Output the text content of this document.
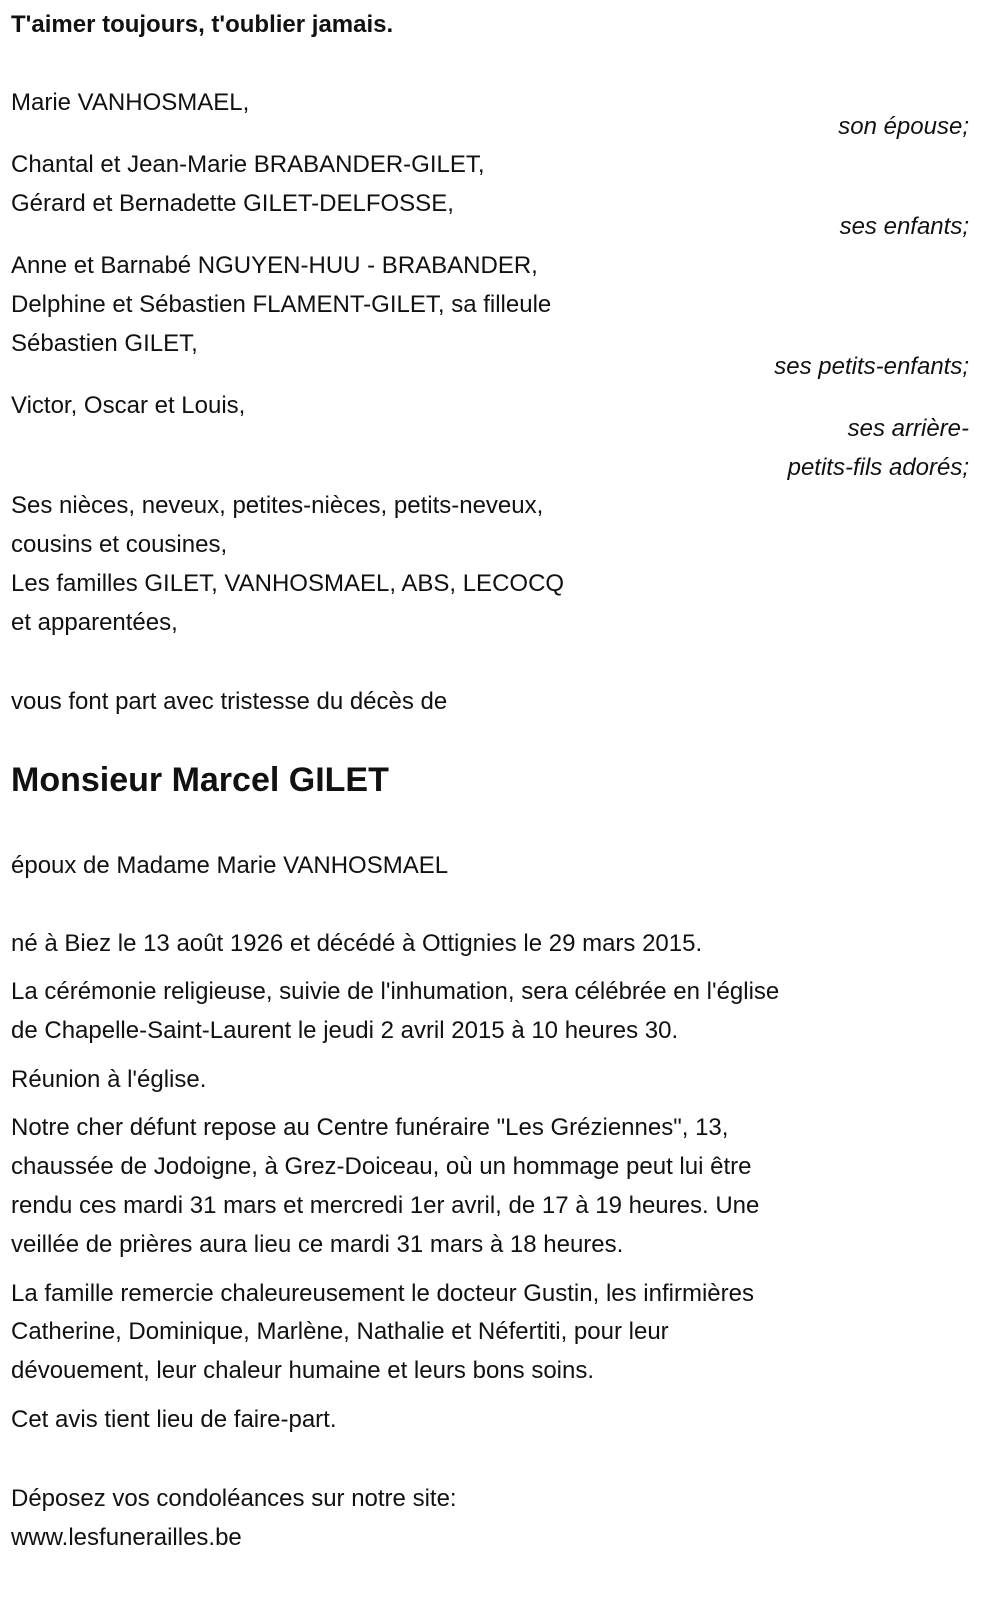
T'aimer toujours, t'oublier jamais.
Marie VANHOSMAEL,
son épouse;
Chantal et Jean-Marie BRABANDER-GILET,
Gérard et Bernadette GILET-DELFOSSE,
ses enfants;
Anne et Barnabé NGUYEN-HUU - BRABANDER,
Delphine et Sébastien FLAMENT-GILET, sa filleule
Sébastien GILET,
ses petits-enfants;
Victor, Oscar et Louis,
ses arrière-
petits-fils adorés;
Ses nièces, neveux, petites-nièces, petits-neveux,
cousins et cousines,
Les familles GILET, VANHOSMAEL, ABS, LECOCQ
et apparentées,
vous font part avec tristesse du décès de
Monsieur Marcel GILET
époux de Madame Marie VANHOSMAEL
né à Biez le 13 août 1926 et décédé à Ottignies le 29 mars 2015.
La cérémonie religieuse, suivie de l'inhumation, sera célébrée en l'église
de Chapelle-Saint-Laurent le jeudi 2 avril 2015 à 10 heures 30.
Réunion à l'église.
Notre cher défunt repose au Centre funéraire "Les Gréziennes", 13,
chaussée de Jodoigne, à Grez-Doiceau, où un hommage peut lui être
rendu ces mardi 31 mars et mercredi 1er avril, de 17 à 19 heures. Une
veillée de prières aura lieu ce mardi 31 mars à 18 heures.
La famille remercie chaleureusement le docteur Gustin, les infirmières
Catherine, Dominique, Marlène, Nathalie et Néfertiti, pour leur
dévouement, leur chaleur humaine et leurs bons soins.
Cet avis tient lieu de faire-part.
Déposez vos condoléances sur notre site:
www.lesfunerailles.be
